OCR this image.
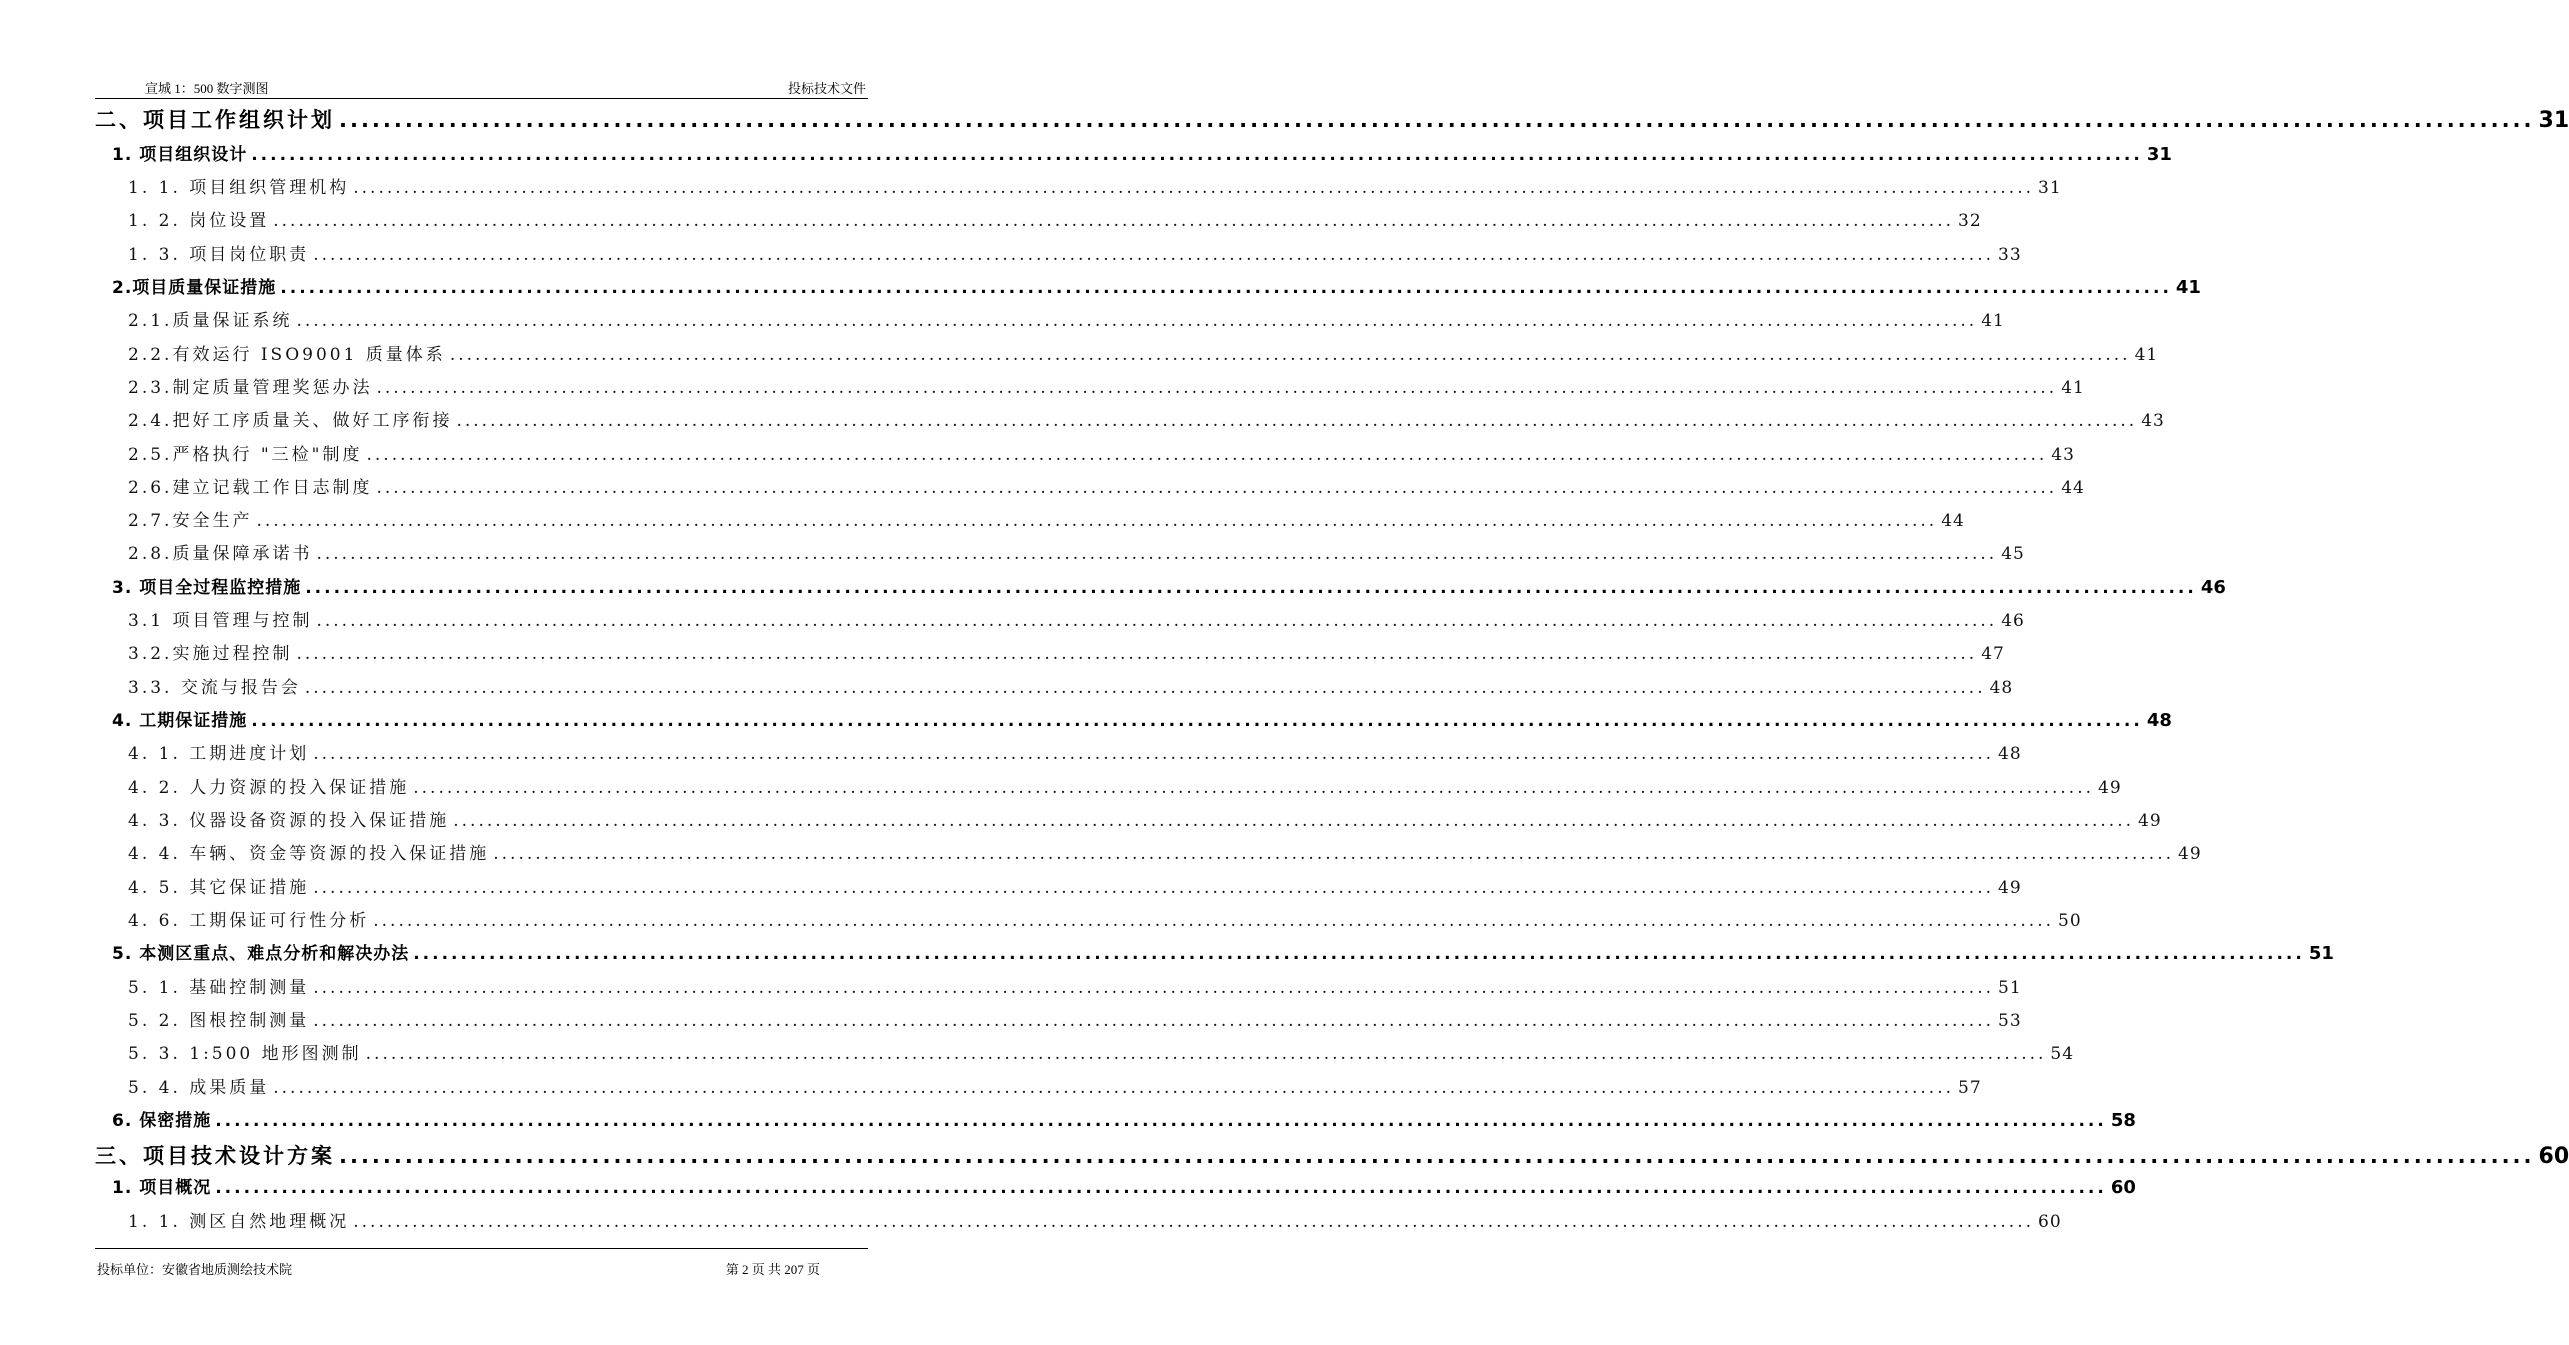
宣城 1：500 数字测图	投标技术文件
二、项目工作组织计划 ........................................................................................................................................................................................................ 31
1. 项目组织设计 ........................................................................................................................................................................................................ 31
1. 1. 项目组织管理机构 ........................................................................................................................................................................................................ 31
1. 2. 岗位设置 ........................................................................................................................................................................................................ 32
1. 3. 项目岗位职责 ........................................................................................................................................................................................................ 33
2.项目质量保证措施 ........................................................................................................................................................................................................ 41
2.1.质量保证系统 ........................................................................................................................................................................................................ 41
2.2.有效运行 ISO9001 质量体系 ........................................................................................................................................................................................................ 41
2.3.制定质量管理奖惩办法 ........................................................................................................................................................................................................ 41
2.4.把好工序质量关、做好工序衔接 ........................................................................................................................................................................................................ 43
2.5.严格执行 "三检"制度 ........................................................................................................................................................................................................ 43
2.6.建立记载工作日志制度 ........................................................................................................................................................................................................ 44
2.7.安全生产 ........................................................................................................................................................................................................ 44
2.8.质量保障承诺书 ........................................................................................................................................................................................................ 45
3. 项目全过程监控措施 ........................................................................................................................................................................................................ 46
3.1 项目管理与控制 ........................................................................................................................................................................................................ 46
3.2.实施过程控制 ........................................................................................................................................................................................................ 47
3.3. 交流与报告会 ........................................................................................................................................................................................................ 48
4. 工期保证措施 ........................................................................................................................................................................................................ 48
4. 1. 工期进度计划 ........................................................................................................................................................................................................ 48
4. 2. 人力资源的投入保证措施 ........................................................................................................................................................................................................ 49
4. 3. 仪器设备资源的投入保证措施 ........................................................................................................................................................................................................ 49
4. 4. 车辆、资金等资源的投入保证措施 ........................................................................................................................................................................................................ 49
4. 5. 其它保证措施 ........................................................................................................................................................................................................ 49
4. 6. 工期保证可行性分析 ........................................................................................................................................................................................................ 50
5. 本测区重点、难点分析和解决办法 ........................................................................................................................................................................................................ 51
5. 1. 基础控制测量 ........................................................................................................................................................................................................ 51
5. 2. 图根控制测量 ........................................................................................................................................................................................................ 53
5. 3. 1:500 地形图测制 ........................................................................................................................................................................................................ 54
5. 4. 成果质量 ........................................................................................................................................................................................................ 57
6. 保密措施 ........................................................................................................................................................................................................ 58
三、项目技术设计方案 ........................................................................................................................................................................................................ 60
1. 项目概况 ........................................................................................................................................................................................................ 60
1. 1. 测区自然地理概况 ........................................................................................................................................................................................................ 60
投标单位：安徽省地质测绘技术院	第 2 页 共 207 页
